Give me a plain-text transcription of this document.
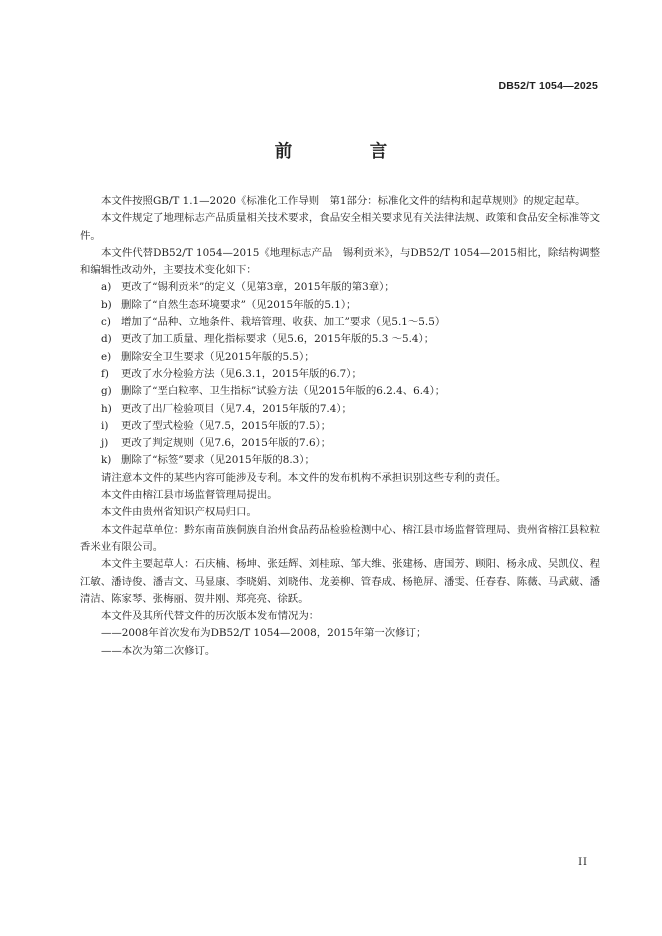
DB52/T 1054—2025
前　言

本文件按照GB/T 1.1—2020《标准化工作导则　第1部分：标准化文件的结构和起草规则》的规定起草。

本文件规定了地理标志产品质量相关技术要求，食品安全相关要求见有关法律法规、政策和食品安全标准等文件。

本文件代替DB52/T 1054—2015《地理标志产品　锡利贡米》，与DB52/T 1054—2015相比，除结构调整和编辑性改动外，主要技术变化如下：

a) 更改了“锡利贡米”的定义（见第3章，2015年版的第3章）；

b) 删除了“自然生态环境要求”（见2015年版的5.1）；

c) 增加了“品种、立地条件、栽培管理、收获、加工”要求（见5.1～5.5）

d) 更改了加工质量、理化指标要求（见5.6，2015年版的5.3 ～5.4）；

e) 删除安全卫生要求（见2015年版的5.5）；

f) 更改了水分检验方法（见6.3.1，2015年版的6.7）；

g) 删除了“垩白粒率、卫生指标”试验方法（见2015年版的6.2.4、6.4）；

h) 更改了出厂检验项目（见7.4，2015年版的7.4）；

i) 更改了型式检验（见7.5，2015年版的7.5）；

j) 更改了判定规则（见7.6，2015年版的7.6）；

k) 删除了“标签”要求（见2015年版的8.3）；

请注意本文件的某些内容可能涉及专利。本文件的发布机构不承担识别这些专利的责任。

本文件由榕江县市场监督管理局提出。

本文件由贵州省知识产权局归口。

本文件起草单位：黔东南苗族侗族自治州食品药品检验检测中心、榕江县市场监督管理局、贵州省榕江县粒粒香米业有限公司。

本文件主要起草人：石庆楠、杨坤、张廷辉、刘桂琼、邹大维、张建杨、唐国芳、顾阳、杨永成、吴凯仪、程江敏、潘诗俊、潘吉文、马显康、李晓娟、刘晓伟、龙姜柳、管春成、杨艳屏、潘雯、任春春、陈薇、马武葳、潘清洁、陈家琴、张梅丽、贺井刚、郑亮亮、徐跃。

本文件及其所代替文件的历次版本发布情况为：

——2008年首次发布为DB52/T 1054—2008，2015年第一次修订；

——本次为第二次修订。

II
